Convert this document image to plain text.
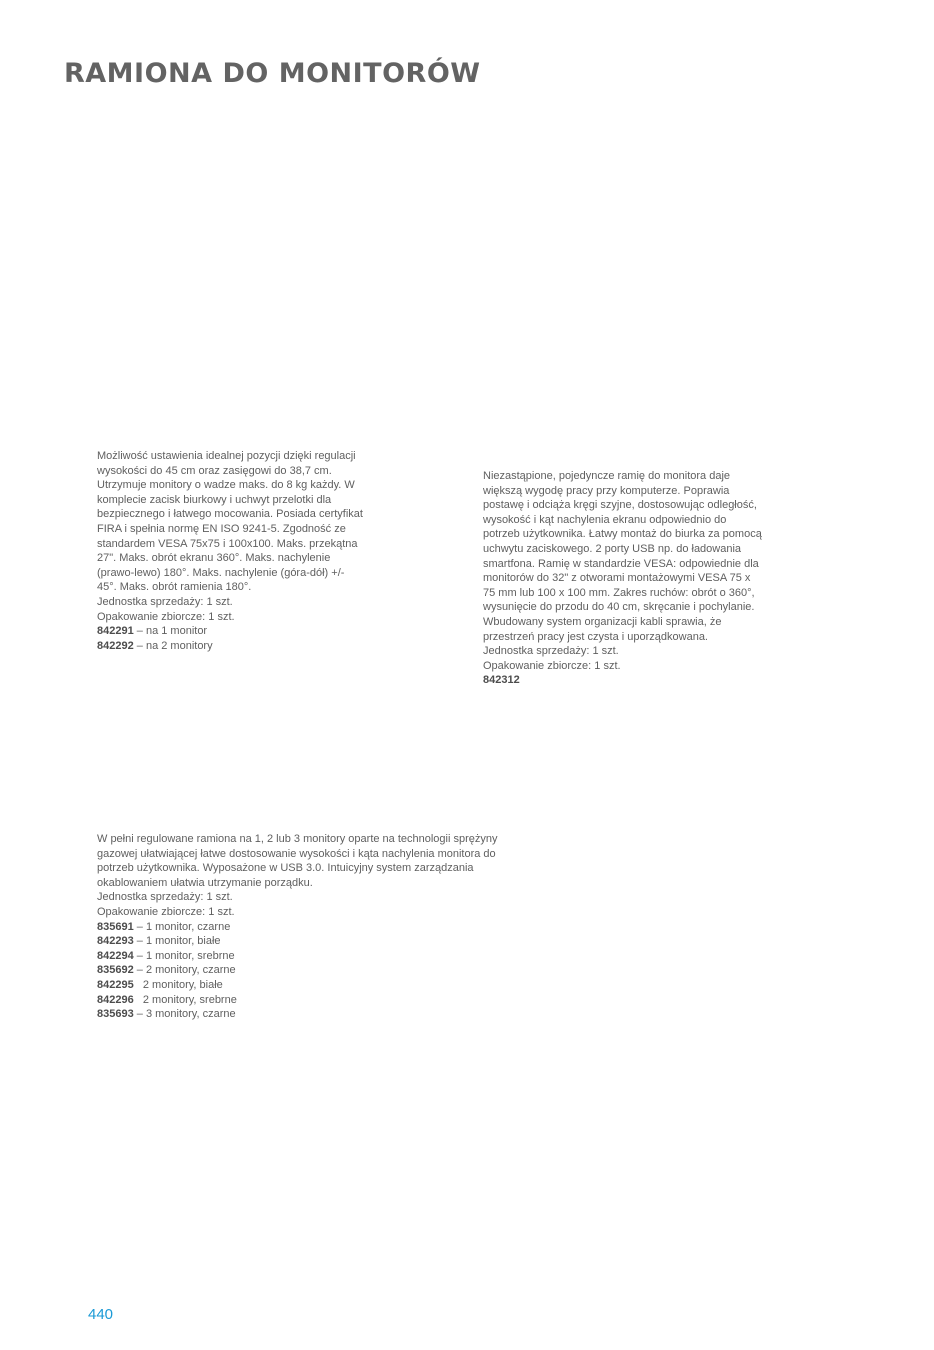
RAMIONA DO MONITORÓW

Możliwość ustawienia idealnej pozycji dzięki regulacji wysokości do 45 cm oraz zasięgowi do 38,7 cm. Utrzymuje monitory o wadze maks. do 8 kg każdy. W komplecie zacisk biurkowy i uchwyt przelotki dla bezpiecznego i łatwego mocowania. Posiada certyfikat FIRA i spełnia normę EN ISO 9241-5. Zgodność ze standardem VESA 75x75 i 100x100. Maks. przekątna 27". Maks. obrót ekranu 360°. Maks. nachylenie (prawo-lewo) 180°. Maks. nachylenie (góra-dół) +/- 45°. Maks. obrót ramienia 180°.

Jednostka sprzedaży: 1 szt.

Opakowanie zbiorcze: 1 szt.

842291 – na 1 monitor

842292 – na 2 monitory

Niezastąpione, pojedyncze ramię do monitora daje większą wygodę pracy przy komputerze. Poprawia postawę i odciąża kręgi szyjne, dostosowując odległość, wysokość i kąt nachylenia ekranu odpowiednio do potrzeb użytkownika. Łatwy montaż do biurka za pomocą uchwytu zaciskowego. 2 porty USB np. do ładowania smartfona. Ramię w standardzie VESA: odpowiednie dla monitorów do 32" z otworami montażowymi VESA 75 x 75 mm lub 100 x 100 mm. Zakres ruchów: obrót o 360°, wysunięcie do przodu do 40 cm, skręcanie i pochylanie. Wbudowany system organizacji kabli sprawia, że przestrzeń pracy jest czysta i uporządkowana.

Jednostka sprzedaży: 1 szt.

Opakowanie zbiorcze: 1 szt.

842312

W pełni regulowane ramiona na 1, 2 lub 3 monitory oparte na technologii sprężyny gazowej ułatwiającej łatwe dostosowanie wysokości i kąta nachylenia monitora do potrzeb użytkownika. Wyposażone w USB 3.0. Intuicyjny system zarządzania okablowaniem ułatwia utrzymanie porządku.

Jednostka sprzedaży: 1 szt.

Opakowanie zbiorcze: 1 szt.

835691 – 1 monitor, czarne

842293 – 1 monitor, białe

842294 – 1 monitor, srebrne

835692 – 2 monitory, czarne

842295   2 monitory, białe

842296   2 monitory, srebrne

835693 – 3 monitory, czarne

440
